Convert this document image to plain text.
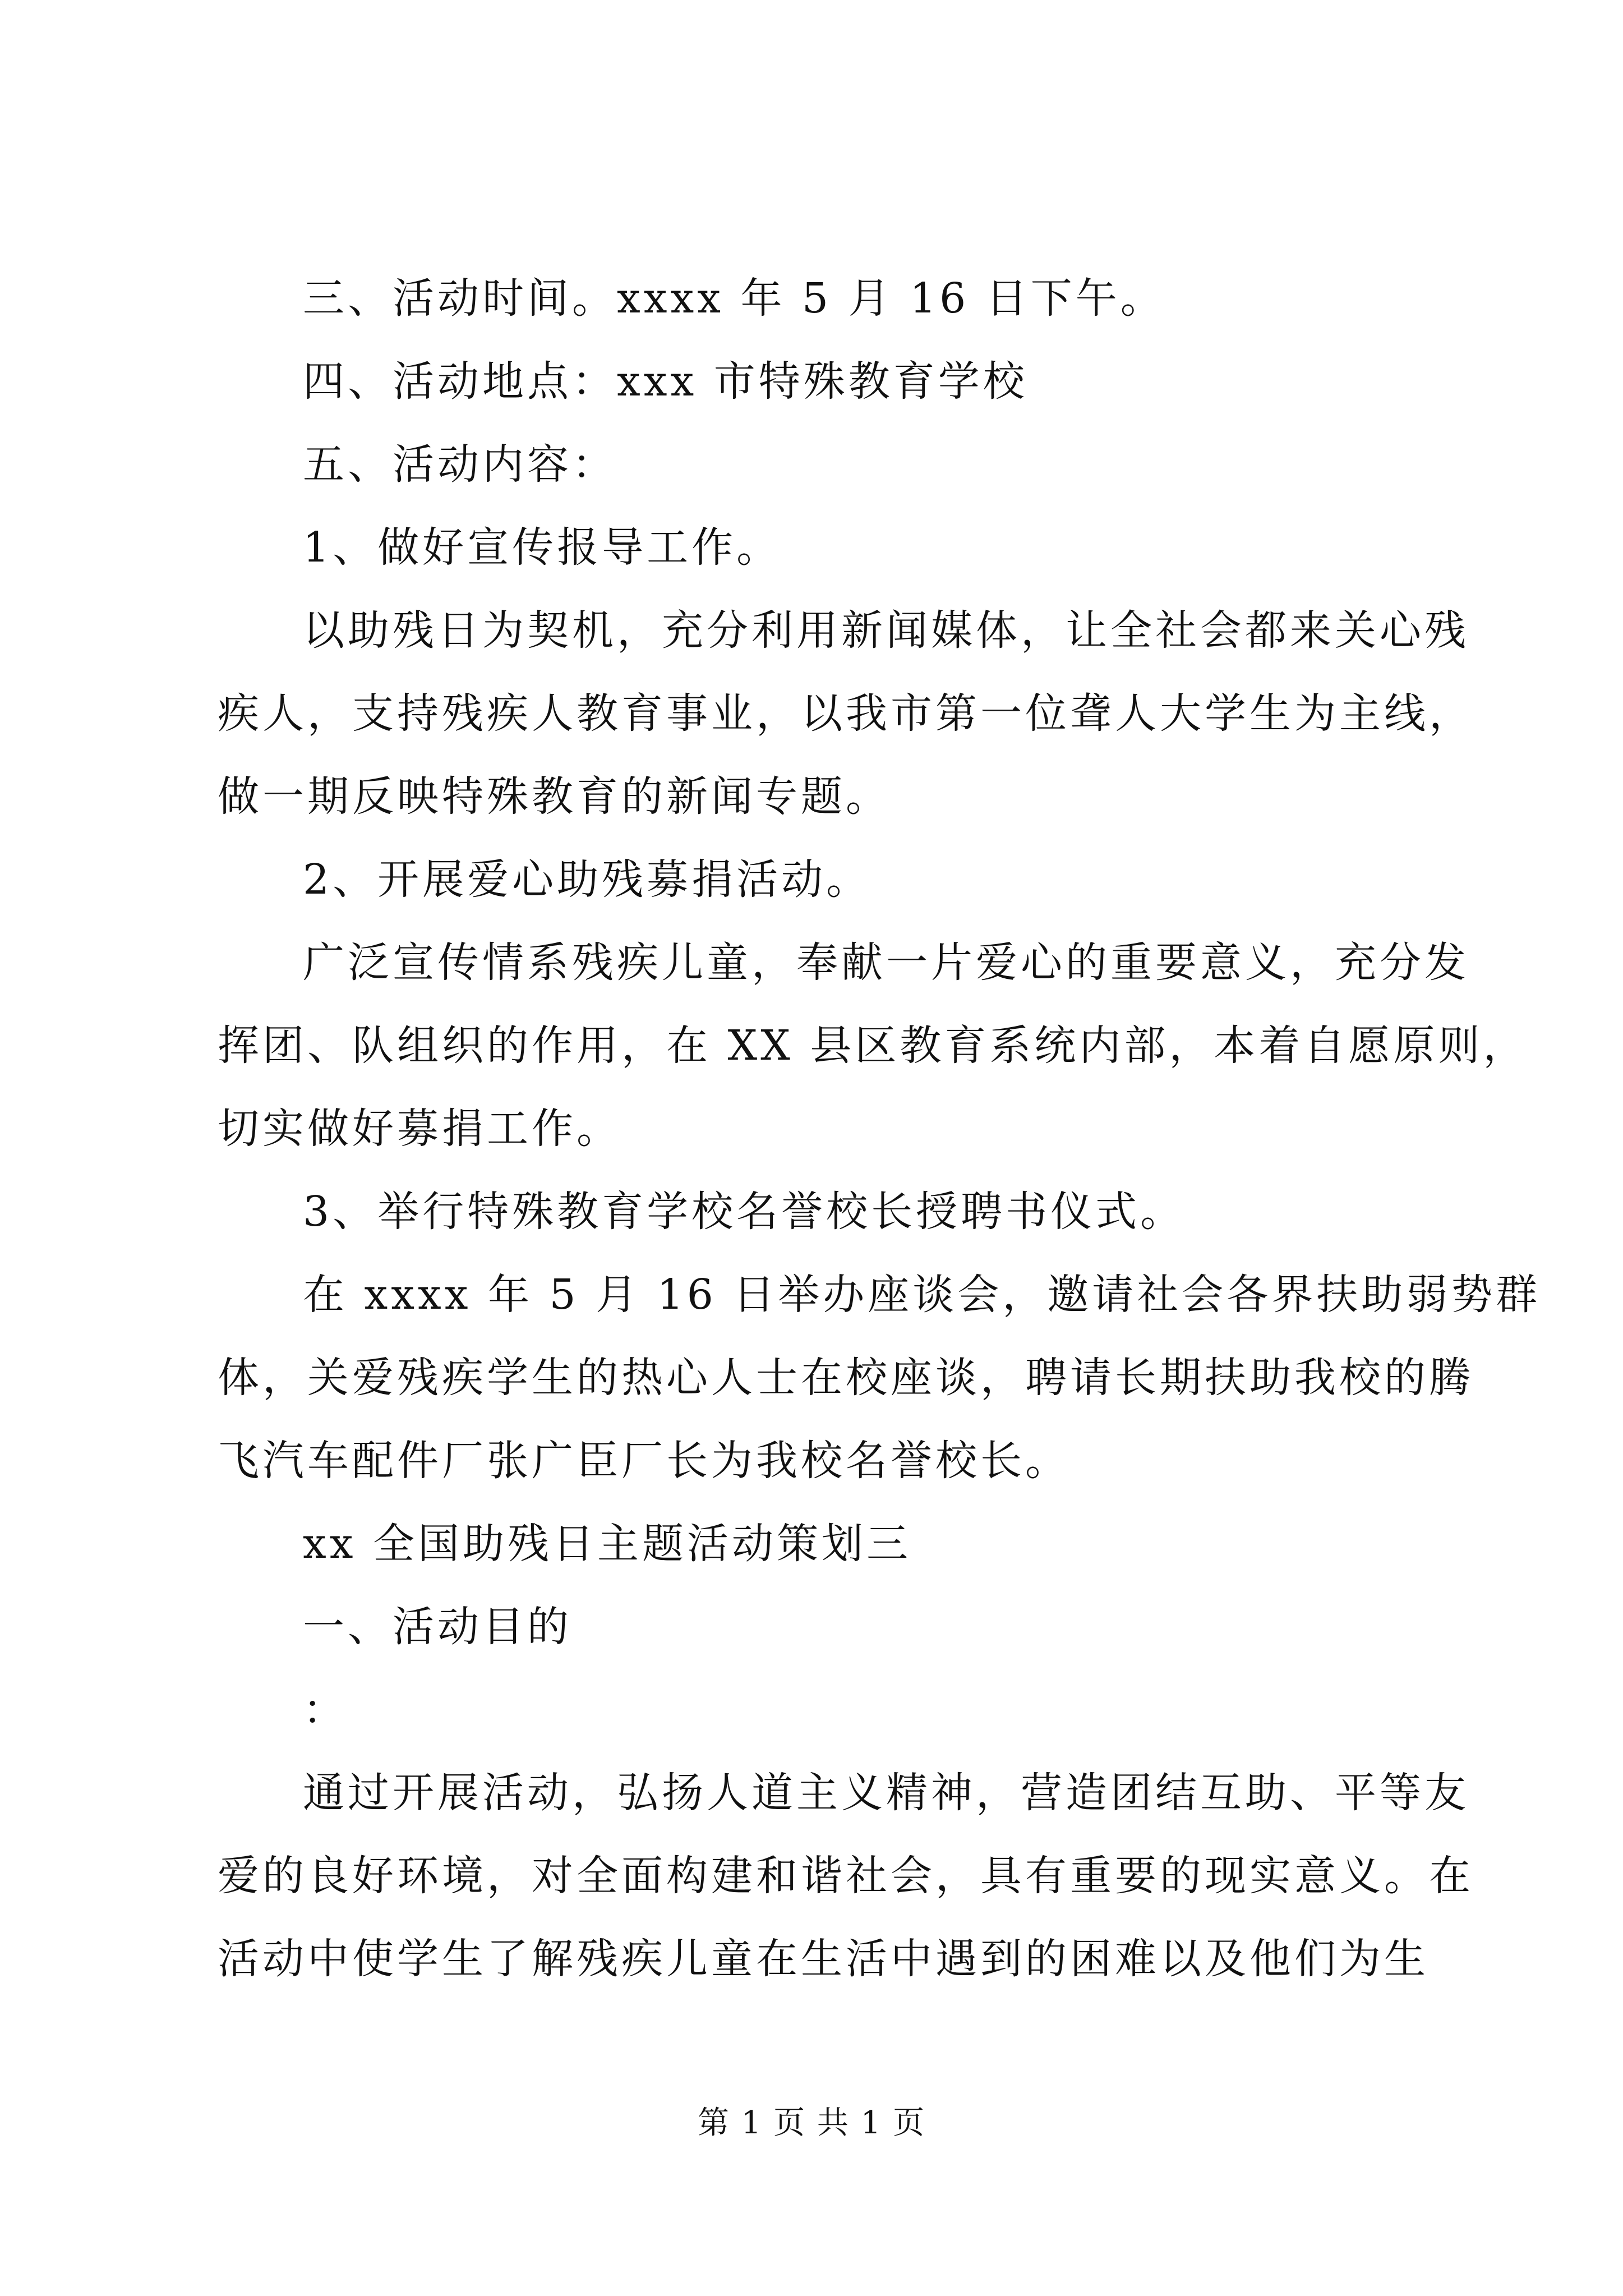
三、活动时间。xxxx 年 5 月 16 日下午。
四、活动地点：xxx 市特殊教育学校
五、活动内容：
1、做好宣传报导工作。
以助残日为契机，充分利用新闻媒体，让全社会都来关心残
疾人，支持残疾人教育事业，以我市第一位聋人大学生为主线，
做一期反映特殊教育的新闻专题。
2、开展爱心助残募捐活动。
广泛宣传情系残疾儿童，奉献一片爱心的重要意义，充分发
挥团、队组织的作用，在 XX 县区教育系统内部，本着自愿原则，
切实做好募捐工作。
3、举行特殊教育学校名誉校长授聘书仪式。
在 xxxx 年 5 月 16 日举办座谈会，邀请社会各界扶助弱势群
体，关爱残疾学生的热心人士在校座谈，聘请长期扶助我校的腾
飞汽车配件厂张广臣厂长为我校名誉校长。
xx 全国助残日主题活动策划三
一、活动目的
：
通过开展活动，弘扬人道主义精神，营造团结互助、平等友
爱的良好环境，对全面构建和谐社会，具有重要的现实意义。在
活动中使学生了解残疾儿童在生活中遇到的困难以及他们为生
第 1 页 共 1 页
